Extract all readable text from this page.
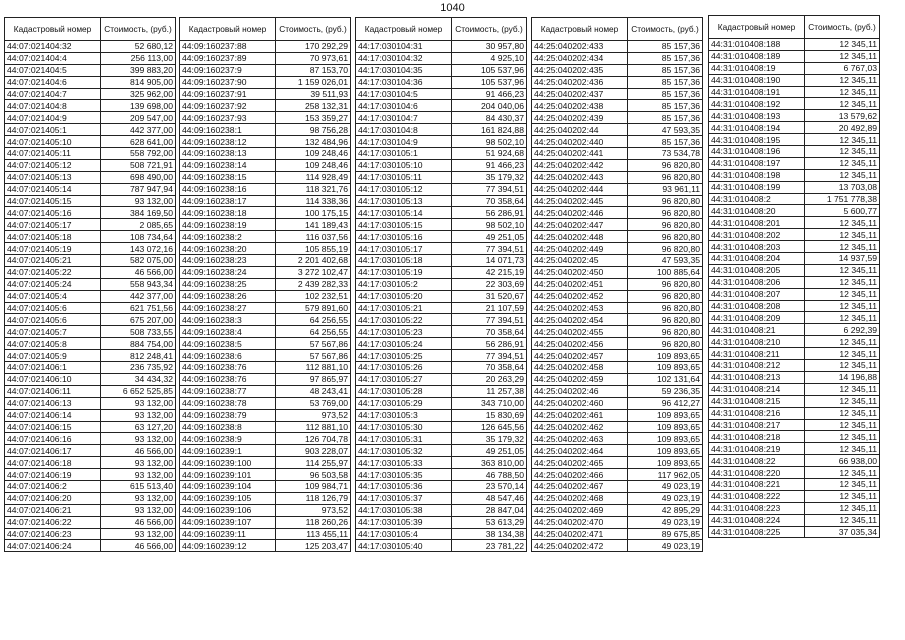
1040
Кадастровый номер	Стоимость, (руб.)
44:07:021404:32	52 680,12
44:07:021404:4	256 113,00
44:07:021404:5	399 883,20
44:07:021404:6	814 905,00
44:07:021404:7	325 962,00
44:07:021404:8	139 698,00
44:07:021404:9	209 547,00
44:07:021405:1	442 377,00
44:07:021405:10	628 641,00
44:07:021405:11	558 792,00
44:07:021405:12	508 721,91
44:07:021405:13	698 490,00
44:07:021405:14	787 947,94
44:07:021405:15	93 132,00
44:07:021405:16	384 169,50
44:07:021405:17	2 085,65
44:07:021405:18	108 734,64
44:07:021405:19	143 072,16
44:07:021405:21	582 075,00
44:07:021405:22	46 566,00
44:07:021405:24	558 943,34
44:07:021405:4	442 377,00
44:07:021405:6	621 751,56
44:07:021405:6	675 207,00
44:07:021405:7	508 733,55
44:07:021405:8	884 754,00
44:07:021405:9	812 248,41
44:07:021406:1	236 735,92
44:07:021406:10	34 434,32
44:07:021406:11	6 652 525,85
44:07:021406:13	93 132,00
44:07:021406:14	93 132,00
44:07:021406:15	63 127,20
44:07:021406:16	93 132,00
44:07:021406:17	46 566,00
44:07:021406:18	93 132,00
44:07:021406:19	93 132,00
44:07:021406:2	615 513,40
44:07:021406:20	93 132,00
44:07:021406:21	93 132,00
44:07:021406:22	46 566,00
44:07:021406:23	93 132,00
44:07:021406:24	46 566,00
Кадастровый номер	Стоимость, (руб.)
44:09:160237:88	170 292,29
44:09:160237:89	70 973,61
44:09:160237:9	87 153,70
44:09:160237:90	1 159 026,01
44:09:160237:91	39 511,93
44:09:160237:92	258 132,31
44:09:160237:93	153 359,27
44:09:160238:1	98 756,28
44:09:160238:12	132 484,96
44:09:160238:13	109 248,46
44:09:160238:14	109 248,46
44:09:160238:15	114 928,49
44:09:160238:16	118 321,76
44:09:160238:17	114 338,36
44:09:160238:18	100 175,15
44:09:160238:19	141 189,43
44:09:160238:2	116 037,56
44:09:160238:20	105 855,19
44:09:160238:23	2 201 402,68
44:09:160238:24	3 272 102,47
44:09:160238:25	2 439 282,33
44:09:160238:26	102 232,51
44:09:160238:27	579 891,60
44:09:160238:3	64 256,55
44:09:160238:4	64 256,55
44:09:160238:5	57 567,86
44:09:160238:6	57 567,86
44:09:160238:76	112 881,10
44:09:160238:76	97 865,97
44:09:160238:77	48 243,41
44:09:160238:78	53 769,00
44:09:160238:79	973,52
44:09:160238:8	112 881,10
44:09:160238:9	126 704,78
44:09:160239:1	903 228,07
44:09:160239:100	114 255,97
44:09:160239:101	96 503,58
44:09:160239:104	109 984,71
44:09:160239:105	118 126,79
44:09:160239:106	973,52
44:09:160239:107	118 260,26
44:09:160239:11	113 455,11
44:09:160239:12	125 203,47
Кадастровый номер	Стоимость, (руб.)
44:17:030104:31	30 957,80
44:17:030104:32	4 925,10
44:17:030104:35	105 537,96
44:17:030104:36	105 537,96
44:17:030104:5	91 466,23
44:17:030104:6	204 040,06
44:17:030104:7	84 430,37
44:17:030104:8	161 824,88
44:17:030104:9	98 502,10
44:17:030105:1	51 924,68
44:17:030105:10	91 466,23
44:17:030105:11	35 179,32
44:17:030105:12	77 394,51
44:17:030105:13	70 358,64
44:17:030105:14	56 286,91
44:17:030105:15	98 502,10
44:17:030105:16	49 251,05
44:17:030105:17	77 394,51
44:17:030105:18	14 071,73
44:17:030105:19	42 215,19
44:17:030105:2	22 303,69
44:17:030105:20	31 520,67
44:17:030105:21	21 107,59
44:17:030105:22	77 394,51
44:17:030105:23	70 358,64
44:17:030105:24	56 286,91
44:17:030105:25	77 394,51
44:17:030105:26	70 358,64
44:17:030105:27	20 263,29
44:17:030105:28	11 257,38
44:17:030105:29	343 710,00
44:17:030105:3	15 830,69
44:17:030105:30	126 645,56
44:17:030105:31	35 179,32
44:17:030105:32	49 251,05
44:17:030105:33	363 810,00
44:17:030105:35	46 788,50
44:17:030105:36	23 570,14
44:17:030105:37	48 547,46
44:17:030105:38	28 847,04
44:17:030105:39	53 613,29
44:17:030105:4	38 134,38
44:17:030105:40	23 781,22
Кадастровый номер	Стоимость, (руб.)
44:25:040202:433	85 157,36
44:25:040202:434	85 157,36
44:25:040202:435	85 157,36
44:25:040202:436	85 157,36
44:25:040202:437	85 157,36
44:25:040202:438	85 157,36
44:25:040202:439	85 157,36
44:25:040202:44	47 593,35
44:25:040202:440	85 157,36
44:25:040202:441	73 534,78
44:25:040202:442	96 820,80
44:25:040202:443	96 820,80
44:25:040202:444	93 961,11
44:25:040202:445	96 820,80
44:25:040202:446	96 820,80
44:25:040202:447	96 820,80
44:25:040202:448	96 820,80
44:25:040202:449	96 820,80
44:25:040202:45	47 593,35
44:25:040202:450	100 885,64
44:25:040202:451	96 820,80
44:25:040202:452	96 820,80
44:25:040202:453	96 820,80
44:25:040202:454	96 820,80
44:25:040202:455	96 820,80
44:25:040202:456	96 820,80
44:25:040202:457	109 893,65
44:25:040202:458	109 893,65
44:25:040202:459	102 131,64
44:25:040202:46	59 236,35
44:25:040202:460	96 412,27
44:25:040202:461	109 893,65
44:25:040202:462	109 893,65
44:25:040202:463	109 893,65
44:25:040202:464	109 893,65
44:25:040202:465	109 893,65
44:25:040202:466	117 962,05
44:25:040202:467	49 023,19
44:25:040202:468	49 023,19
44:25:040202:469	42 895,29
44:25:040202:470	49 023,19
44:25:040202:471	89 675,85
44:25:040202:472	49 023,19
Кадастровый номер	Стоимость, (руб.)
44:31:010408:188	12 345,11
44:31:010408:189	12 345,11
44:31:010408:19	6 767,03
44:31:010408:190	12 345,11
44:31:010408:191	12 345,11
44:31:010408:192	12 345,11
44:31:010408:193	13 579,62
44:31:010408:194	20 492,89
44:31:010408:195	12 345,11
44:31:010408:196	12 345,11
44:31:010408:197	12 345,11
44:31:010408:198	12 345,11
44:31:010408:199	13 703,08
44:31:010408:2	1 751 778,38
44:31:010408:20	5 600,77
44:31:010408:201	12 345,11
44:31:010408:202	12 345,11
44:31:010408:203	12 345,11
44:31:010408:204	14 937,59
44:31:010408:205	12 345,11
44:31:010408:206	12 345,11
44:31:010408:207	12 345,11
44:31:010408:208	12 345,11
44:31:010408:209	12 345,11
44:31:010408:21	6 292,39
44:31:010408:210	12 345,11
44:31:010408:211	12 345,11
44:31:010408:212	12 345,11
44:31:010408:213	14 196,88
44:31:010408:214	12 345,11
44:31:010408:215	12 345,11
44:31:010408:216	12 345,11
44:31:010408:217	12 345,11
44:31:010408:218	12 345,11
44:31:010408:219	12 345,11
44:31:010408:22	66 938,00
44:31:010408:220	12 345,11
44:31:010408:221	12 345,11
44:31:010408:222	12 345,11
44:31:010408:223	12 345,11
44:31:010408:224	12 345,11
44:31:010408:225	37 035,34
